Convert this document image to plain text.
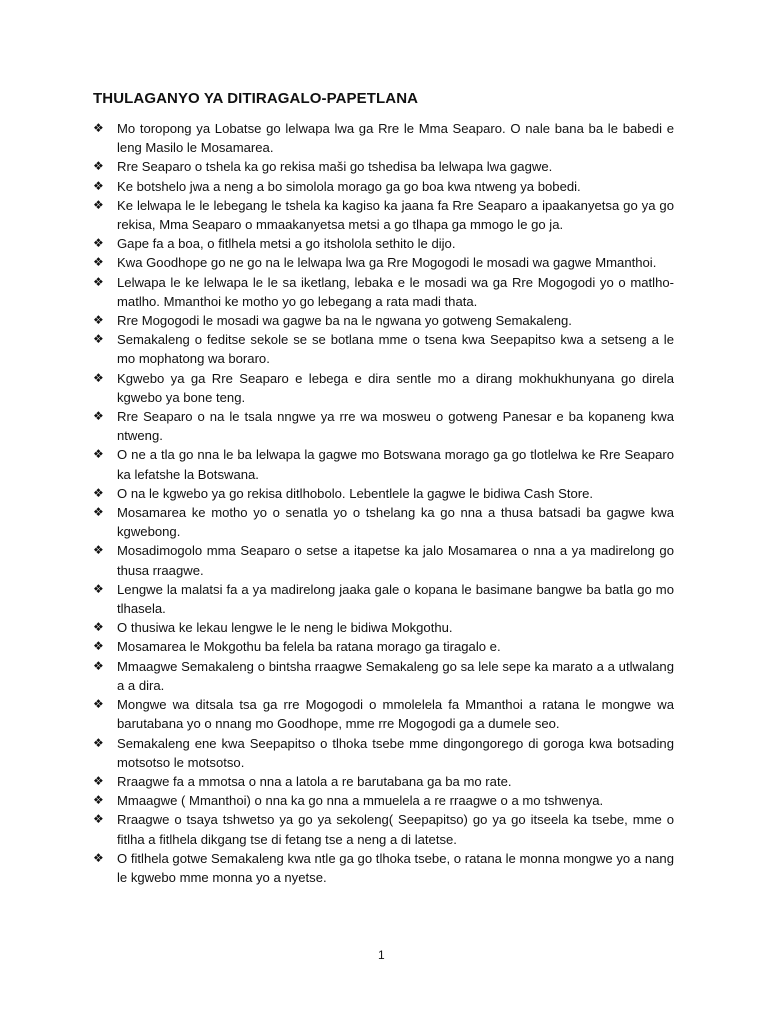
THULAGANYO YA DITIRAGALO-PAPETLANA
❖ Mo toropong ya Lobatse go lelwapa lwa ga Rre le Mma Seaparo. O nale bana ba le babedi e leng Masilo le Mosamarea.
❖ Rre Seaparo o tshela ka go rekisa maši go tshedisa ba lelwapa lwa gagwe.
❖ Ke botshelo jwa a neng a bo simolola morago ga go boa kwa ntweng ya bobedi.
❖ Ke lelwapa le le lebegang le tshela ka kagiso ka jaana fa Rre Seaparo a ipaakanyetsa go ya go rekisa, Mma Seaparo o mmaakanyetsa metsi a go tlhapa ga mmogo le go ja.
❖ Gape fa a boa, o fitlhela metsi a go itsholola sethito le dijo.
❖ Kwa Goodhope go ne go na le lelwapa lwa ga Rre Mogogodi le mosadi wa gagwe Mmanthoi.
❖ Lelwapa le ke lelwapa le le sa iketlang, lebaka e le mosadi wa ga Rre Mogogodi yo o matlho-matlho. Mmanthoi ke motho yo go lebegang a rata madi thata.
❖ Rre Mogogodi le mosadi wa gagwe ba na le ngwana yo gotweng Semakaleng.
❖ Semakaleng o feditse sekole se se botlana mme o tsena kwa Seepapitso kwa a setseng a le mo mophatong wa boraro.
❖ Kgwebo ya ga Rre Seaparo e lebega e dira sentle mo a dirang mokhukhunyana go direla kgwebo ya bone teng.
❖ Rre Seaparo o na le tsala nngwe ya rre wa mosweu o gotweng Panesar e ba kopaneng kwa ntweng.
❖ O ne a tla go nna le ba lelwapa la gagwe mo Botswana morago ga go tlotlelwa ke Rre Seaparo ka lefatshe la Botswana.
❖ O na le kgwebo ya go rekisa ditlhobolo. Lebentlele la gagwe le bidiwa Cash Store.
❖ Mosamarea ke motho yo o senatla yo o tshelang ka go nna a thusa batsadi ba gagwe kwa kgwebong.
❖ Mosadimogolo mma Seaparo o setse a itapetse ka jalo Mosamarea o nna a ya madirelong go thusa rraagwe.
❖ Lengwe la malatsi fa a ya madirelong jaaka gale o kopana le basimane bangwe ba batla go mo tlhasela.
❖ O thusiwa ke lekau lengwe le le neng le bidiwa Mokgothu.
❖ Mosamarea le Mokgothu ba felela ba ratana morago ga tiragalo e.
❖ Mmaagwe Semakaleng o bintsha rraagwe Semakaleng go sa lele sepe ka marato a a utlwalang a a dira.
❖ Mongwe wa ditsala tsa ga rre Mogogodi o mmolelela fa Mmanthoi a ratana le mongwe wa barutabana yo o nnang mo Goodhope, mme rre Mogogodi ga a dumele seo.
❖ Semakaleng ene kwa Seepapitso o tlhoka tsebe mme dingongorego di goroga kwa botsading motsotso le motsotso.
❖ Rraagwe fa a mmotsa o nna a latola a re barutabana ga ba mo rate.
❖ Mmaagwe ( Mmanthoi) o nna ka go nna a mmuelela a re rraagwe o a mo tshwenya.
❖ Rraagwe o tsaya tshwetso ya go ya sekoleng( Seepapitso) go ya go itseela ka tsebe, mme o fitlha a fitlhela dikgang tse di fetang tse a neng a di latetse.
❖ O fitlhela gotwe Semakaleng kwa ntle ga go tlhoka tsebe, o ratana le monna mongwe yo a nang le kgwebo mme monna yo a nyetse.
1
